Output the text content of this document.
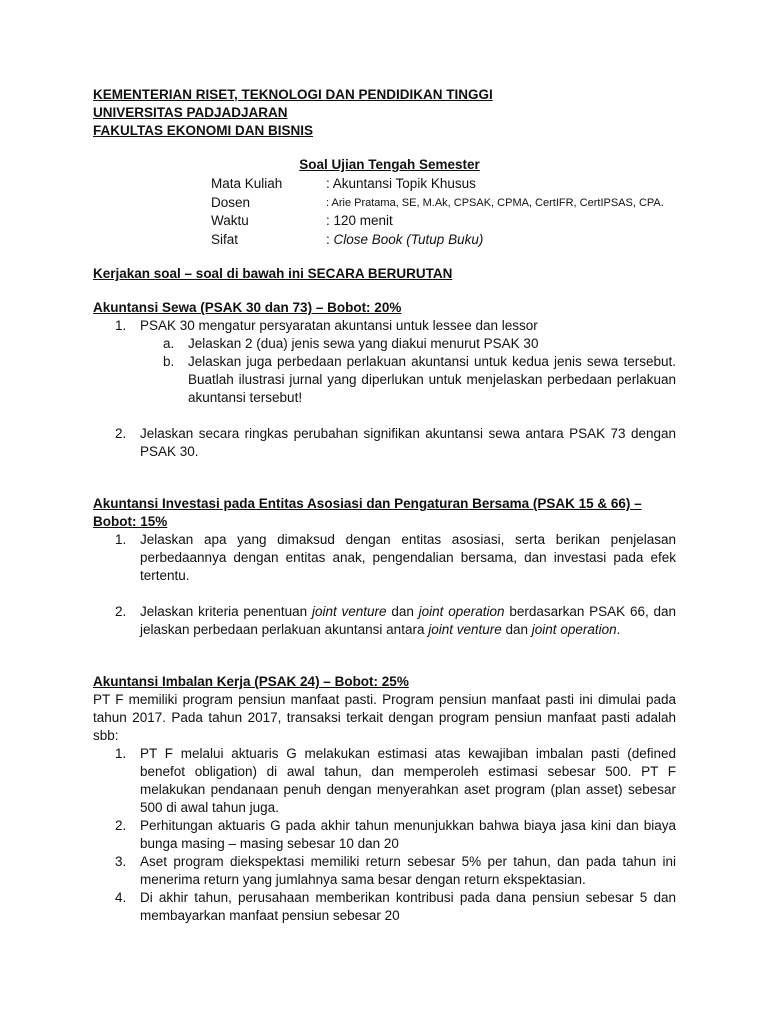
KEMENTERIAN RISET, TEKNOLOGI DAN PENDIDIKAN TINGGI

UNIVERSITAS PADJADJARAN

FAKULTAS EKONOMI DAN BISNIS

Soal Ujian Tengah Semester
Mata Kuliah	: Akuntansi Topik Khusus
Dosen	: Arie Pratama, SE, M.Ak, CPSAK, CPMA, CertIFR, CertIPSAS, CPA.
Waktu	: 120 menit
Sifat	: Close Book (Tutup Buku)
Kerjakan soal – soal di bawah ini SECARA BERURUTAN
Akuntansi Sewa (PSAK 30 dan 73) – Bobot: 20%
1. PSAK 30 mengatur persyaratan akuntansi untuk lessee dan lessor
a. Jelaskan 2 (dua) jenis sewa yang diakui menurut PSAK 30
b. Jelaskan juga perbedaan perlakuan akuntansi untuk kedua jenis sewa tersebut. Buatlah ilustrasi jurnal yang diperlukan untuk menjelaskan perbedaan perlakuan akuntansi tersebut!
2. Jelaskan secara ringkas perubahan signifikan akuntansi sewa antara PSAK 73 dengan PSAK 30.
Akuntansi Investasi pada Entitas Asosiasi dan Pengaturan Bersama (PSAK 15 & 66) – Bobot: 15%
1. Jelaskan apa yang dimaksud dengan entitas asosiasi, serta berikan penjelasan perbedaannya dengan entitas anak, pengendalian bersama, dan investasi pada efek tertentu.
2. Jelaskan kriteria penentuan joint venture dan joint operation berdasarkan PSAK 66, dan jelaskan perbedaan perlakuan akuntansi antara joint venture dan joint operation.
Akuntansi Imbalan Kerja (PSAK 24) – Bobot: 25%
PT F memiliki program pensiun manfaat pasti. Program pensiun manfaat pasti ini dimulai pada tahun 2017. Pada tahun 2017, transaksi terkait dengan program pensiun manfaat pasti adalah sbb:
1. PT F melalui aktuaris G melakukan estimasi atas kewajiban imbalan pasti (defined benefot obligation) di awal tahun, dan memperoleh estimasi sebesar 500. PT F melakukan pendanaan penuh dengan menyerahkan aset program (plan asset) sebesar 500 di awal tahun juga.
2. Perhitungan aktuaris G pada akhir tahun menunjukkan bahwa biaya jasa kini dan biaya bunga masing – masing sebesar 10 dan 20
3. Aset program diekspektasi memiliki return sebesar 5% per tahun, dan pada tahun ini menerima return yang jumlahnya sama besar dengan return ekspektasian.
4. Di akhir tahun, perusahaan memberikan kontribusi pada dana pensiun sebesar 5 dan membayarkan manfaat pensiun sebesar 20
